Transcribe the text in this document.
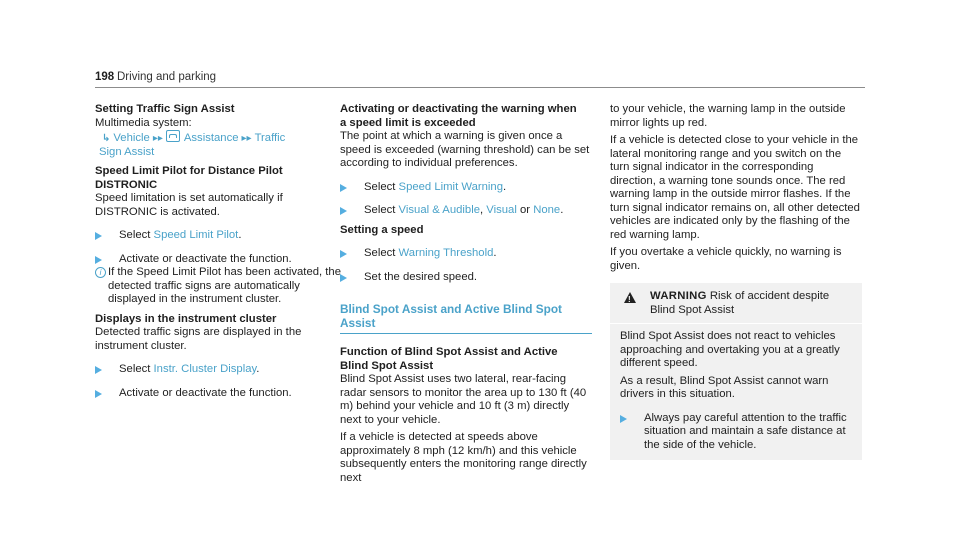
198 Driving and parking

Setting Traffic Sign Assist

Multimedia system:

↳ Vehicle ▸▸ Assistance ▸▸ Traffic
Sign Assist

Speed Limit Pilot for Distance Pilot

DISTRONIC

Speed limitation is set automatically if DISTRONIC is activated.

Select Speed Limit Pilot.

Activate or deactivate the function.

i If the Speed Limit Pilot has been activated, the detected traffic signs are automatically displayed in the instrument cluster.

Displays in the instrument cluster

Detected traffic signs are displayed in the instrument cluster.

Select Instr. Cluster Display.

Activate or deactivate the function.

Activating or deactivating the warning when

a speed limit is exceeded

The point at which a warning is given once a speed is exceeded (warning threshold) can be set according to individual preferences.

Select Speed Limit Warning.

Select Visual & Audible, Visual or None.

Setting a speed

Select Warning Threshold.

Set the desired speed.

Blind Spot Assist and Active Blind Spot

Assist

Function of Blind Spot Assist and Active

Blind Spot Assist

Blind Spot Assist uses two lateral, rear-facing radar sensors to monitor the area up to 130 ft (40 m) behind your vehicle and 10 ft (3 m) directly next to your vehicle.

If a vehicle is detected at speeds above approximately 8 mph (12 km/h) and this vehicle subsequently enters the monitoring range directly next

to your vehicle, the warning lamp in the outside mirror lights up red.

If a vehicle is detected close to your vehicle in the lateral monitoring range and you switch on the turn signal indicator in the corresponding direction, a warning tone sounds once. The red warning lamp in the outside mirror flashes. If the turn signal indicator remains on, all other detected vehicles are indicated only by the flashing of the red warning lamp.

If you overtake a vehicle quickly, no warning is given.

!
WARNING Risk of accident despite Blind Spot Assist

Blind Spot Assist does not react to vehicles approaching and overtaking you at a greatly different speed.

As a result, Blind Spot Assist cannot warn drivers in this situation.

Always pay careful attention to the traffic situation and maintain a safe distance at the side of the vehicle.
